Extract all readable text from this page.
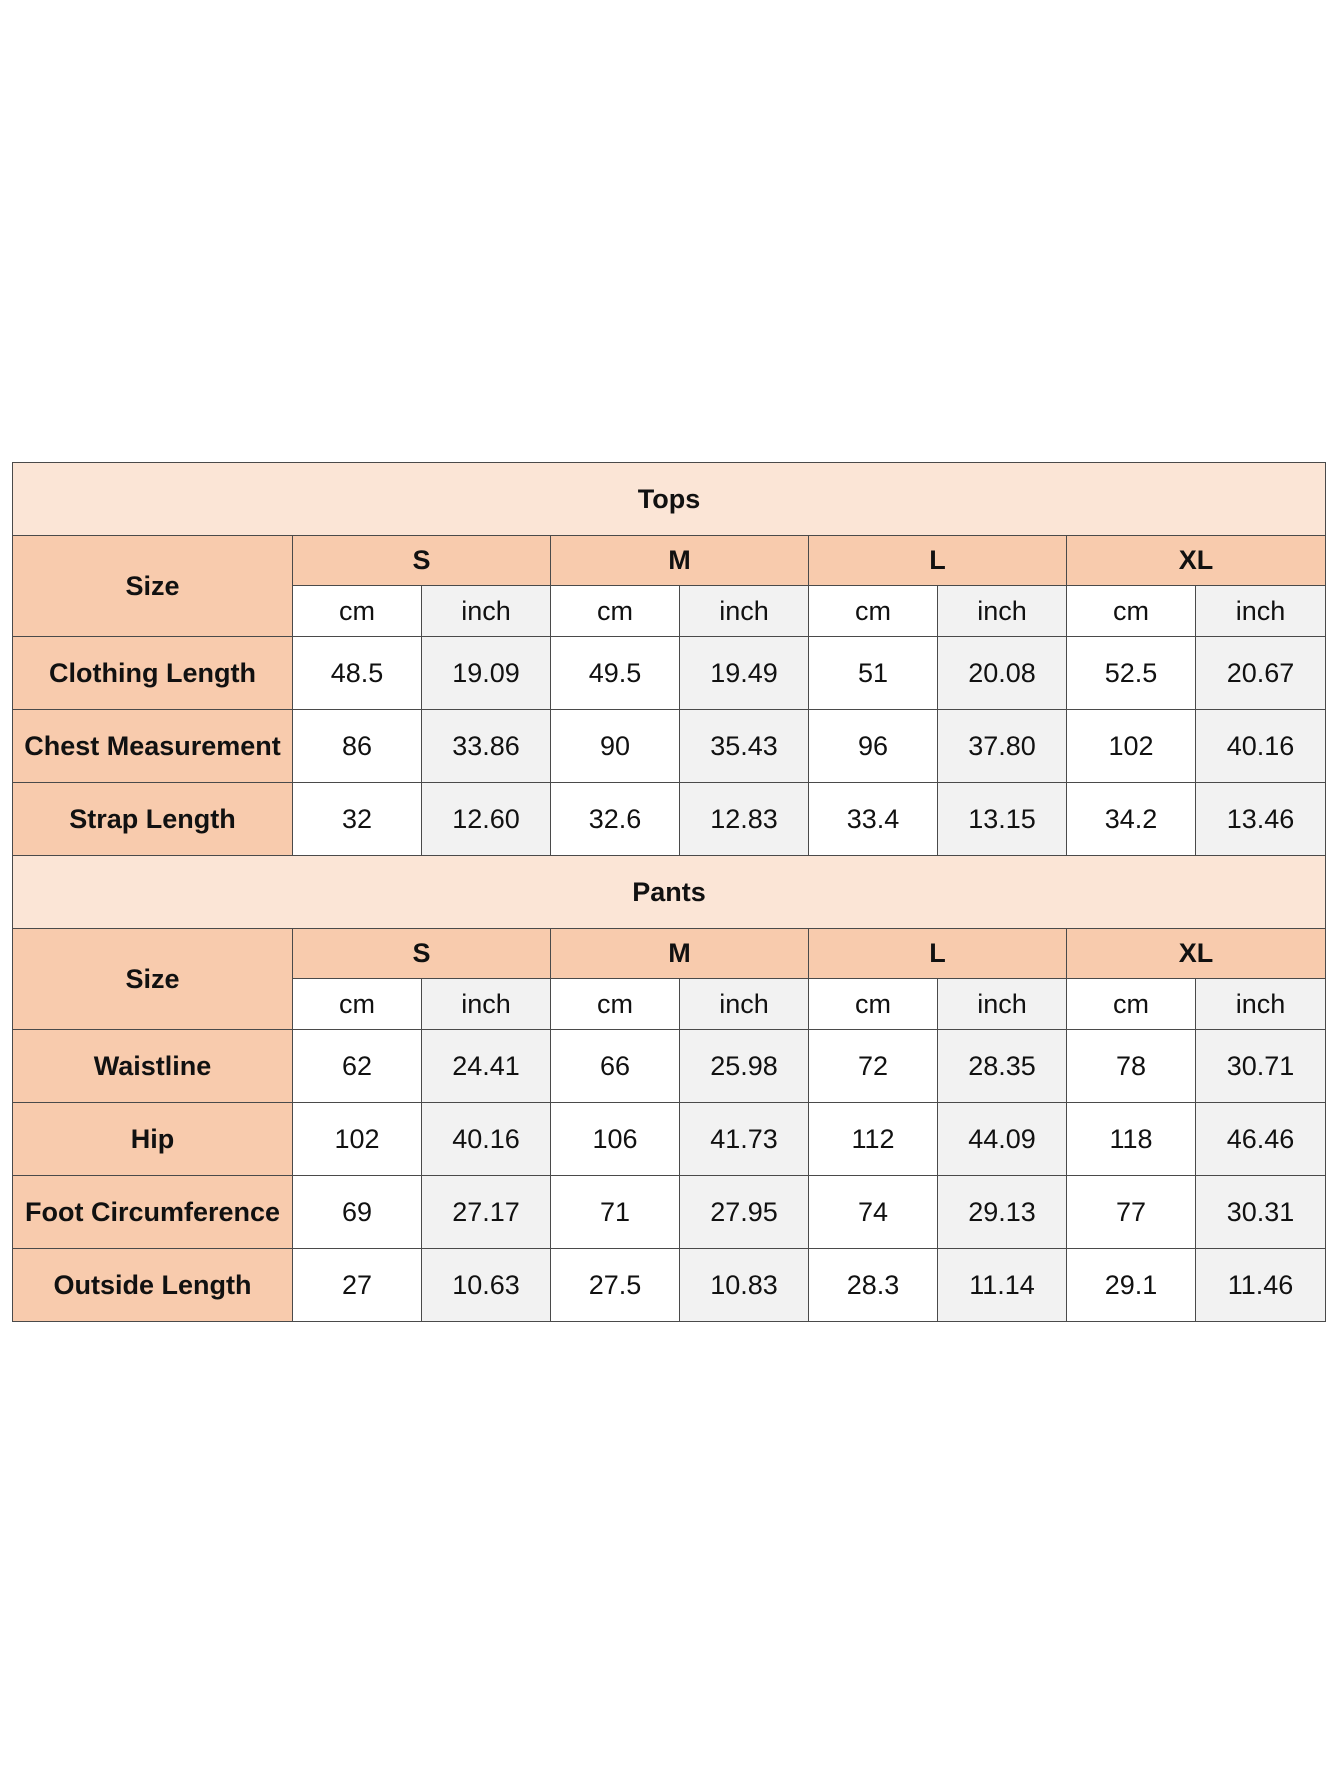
Tops								
Size	S		M		L		XL	
	cm	inch	cm	inch	cm	inch	cm	inch
Clothing Length	48.5	19.09	49.5	19.49	51	20.08	52.5	20.67
Chest Measurement	86	33.86	90	35.43	96	37.80	102	40.16
Strap Length	32	12.60	32.6	12.83	33.4	13.15	34.2	13.46
Pants								
Size	S		M		L		XL	
	cm	inch	cm	inch	cm	inch	cm	inch
Waistline	62	24.41	66	25.98	72	28.35	78	30.71
Hip	102	40.16	106	41.73	112	44.09	118	46.46
Foot Circumference	69	27.17	71	27.95	74	29.13	77	30.31
Outside Length	27	10.63	27.5	10.83	28.3	11.14	29.1	11.46
